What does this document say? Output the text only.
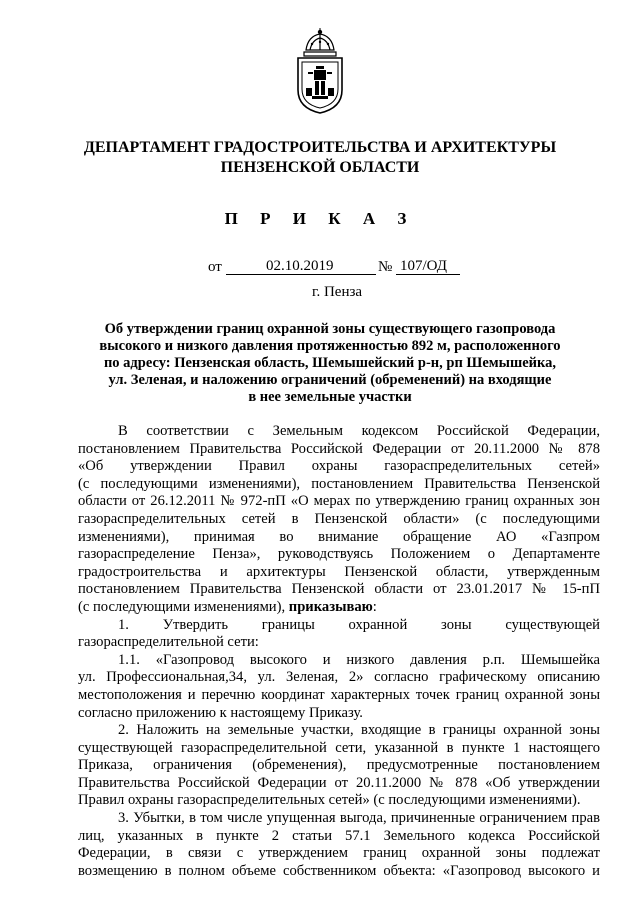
ДЕПАРТАМЕНТ ГРАДОСТРОИТЕЛЬСТВА И АРХИТЕКТУРЫ
ПЕНЗЕНСКОЙ ОБЛАСТИ
П Р И К А З
от	02.10.2019	№ 107/ОД
г. Пенза
Об утверждении границ охранной зоны существующего газопровода
высокого и низкого давления протяженностью 892 м, расположенного
по адресу: Пензенская область, Шемышейский р-н, рп Шемышейка,
ул. Зеленая, и наложению ограничений (обременений) на входящие
в нее земельные участки

В соответствии с Земельным кодексом Российской Федерации,

постановлением Правительства Российской Федерации от 20.11.2000 № 878

«Об утверждении Правил охраны газораспределительных сетей»

(с последующими изменениями), постановлением Правительства Пензенской

области от 26.12.2011 № 972-пП «О мерах по утверждению границ охранных зон

газораспределительных сетей в Пензенской области» (с последующими

изменениями), принимая во внимание обращение АО «Газпром

газораспределение Пенза», руководствуясь Положением о Департаменте

градостроительства и архитектуры Пензенской области, утвержденным

постановлением Правительства Пензенской области от 23.01.2017 № 15-пП

(с последующими изменениями), приказываю:

1. Утвердить границы охранной зоны существующей

газораспределительной сети:

1.1. «Газопровод высокого и низкого давления р.п. Шемышейка

ул. Профессиональная,34, ул. Зеленая, 2» согласно графическому описанию

местоположения и перечню координат характерных точек границ охранной зоны

согласно приложению к настоящему Приказу.

2. Наложить на земельные участки, входящие в границы охранной зоны

существующей газораспределительной сети, указанной в пункте 1 настоящего

Приказа, ограничения (обременения), предусмотренные постановлением

Правительства Российской Федерации от 20.11.2000 № 878 «Об утверждении

Правил охраны газораспределительных сетей» (с последующими изменениями).

3. Убытки, в том числе упущенная выгода, причиненные ограничением прав

лиц, указанных в пункте 2 статьи 57.1 Земельного кодекса Российской

Федерации, в связи с утверждением границ охранной зоны подлежат

возмещению в полном объеме собственником объекта: «Газопровод высокого и
